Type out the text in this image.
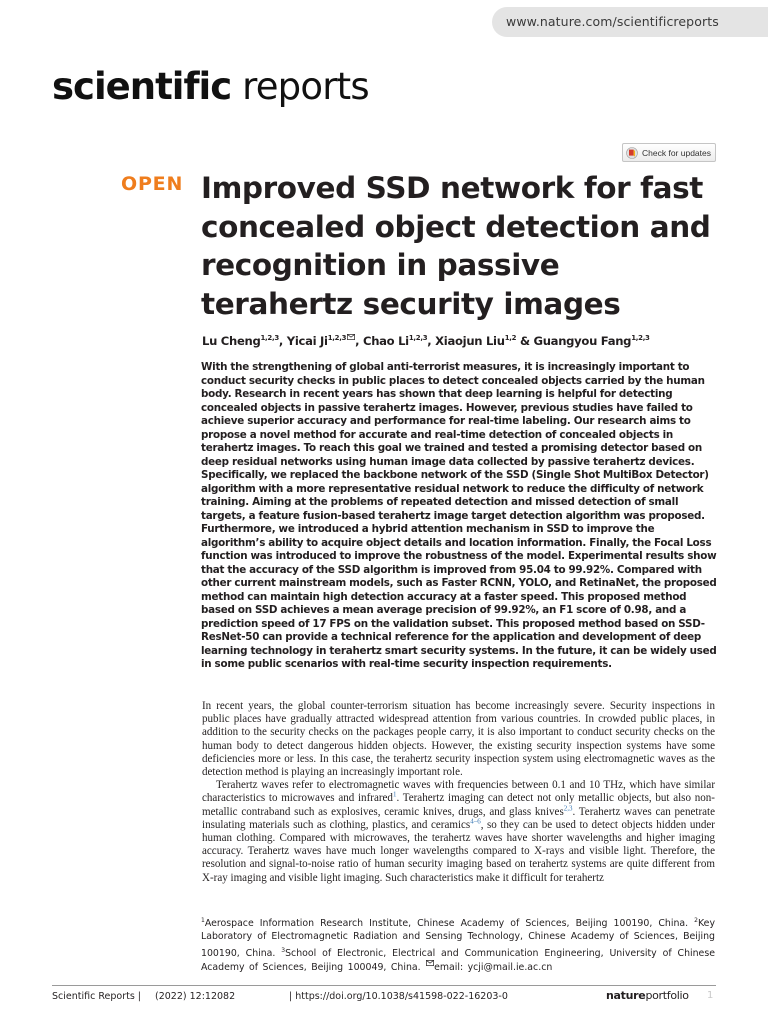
www.nature.com/scientificreports
scientific reports
Check for updates
OPEN Improved SSD network for fast concealed object detection and recognition in passive terahertz security images
Lu Cheng$^{1,2,3}$, Yicai Ji$^{1,2,3}$ , Chao Li$^{1,2,3}$, Xiaojun Liu$^{1,2}$ & Guangyou Fang$^{1,2,3}$

With the strengthening of global anti-terrorist measures, it is increasingly important to conduct security checks in public places to detect concealed objects carried by the human body. Research in recent years has shown that deep learning is helpful for detecting concealed objects in passive terahertz images. However, previous studies have failed to achieve superior accuracy and performance for real-time labeling. Our research aims to propose a novel method for accurate and real-time detection of concealed objects in terahertz images. To reach this goal we trained and tested a promising detector based on deep residual networks using human image data collected by passive terahertz devices. Specifically, we replaced the backbone network of the SSD (Single Shot MultiBox Detector) algorithm with a more representative residual network to reduce the difficulty of network training. Aiming at the problems of repeated detection and missed detection of small targets, a feature fusion-based terahertz image target detection algorithm was proposed. Furthermore, we introduced a hybrid attention mechanism in SSD to improve the algorithm’s ability to acquire object details and location information. Finally, the Focal Loss function was introduced to improve the robustness of the model. Experimental results show that the accuracy of the SSD algorithm is improved from 95.04 to 99.92%. Compared with other current mainstream models, such as Faster RCNN, YOLO, and RetinaNet, the proposed method can maintain high detection accuracy at a faster speed. This proposed method based on SSD achieves a mean average precision of 99.92%, an F1 score of 0.98, and a prediction speed of 17 FPS on the validation subset. This proposed method based on SSD-ResNet-50 can provide a technical reference for the application and development of deep learning technology in terahertz smart security systems. In the future, it can be widely used in some public scenarios with real-time security inspection requirements.

In recent years, the global counter-terrorism situation has become increasingly severe. Security inspections in public places have gradually attracted widespread attention from various countries. In crowded public places, in addition to the security checks on the packages people carry, it is also important to conduct security checks on the human body to detect dangerous hidden objects. However, the existing security inspection systems have some deficiencies more or less. In this case, the terahertz security inspection system using electromagnetic waves as the detection method is playing an increasingly important role.

Terahertz waves refer to electromagnetic waves with frequencies between 0.1 and 10 THz, which have similar characteristics to microwaves and infrared$^1$. Terahertz imaging can detect not only metallic objects, but also non-metallic contraband such as explosives, ceramic knives, drugs, and glass knives$^{2,3}$. Terahertz waves can penetrate insulating materials such as clothing, plastics, and ceramics$^{4-6}$, so they can be used to detect objects hidden under human clothing. Compared with microwaves, the terahertz waves have shorter wavelengths and higher imaging accuracy. Terahertz waves have much longer wavelengths compared to X-rays and visible light. Therefore, the resolution and signal-to-noise ratio of human security imaging based on terahertz systems are quite different from X-ray imaging and visible light imaging. Such characteristics make it difficult for terahertz

$^1$Aerospace Information Research Institute, Chinese Academy of Sciences, Beijing 100190, China. $^2$Key Laboratory of Electromagnetic Radiation and Sensing Technology, Chinese Academy of Sciences, Beijing 100190, China. $^3$School of Electronic, Electrical and Communication Engineering, University of Chinese Academy of Sciences, Beijing 100049, China. email: ycji@mail.ie.ac.cn
Scientific Reports | (2022) 12:12082	| https://doi.org/10.1038/s41598-022-16203-0	natureportfolio 1
